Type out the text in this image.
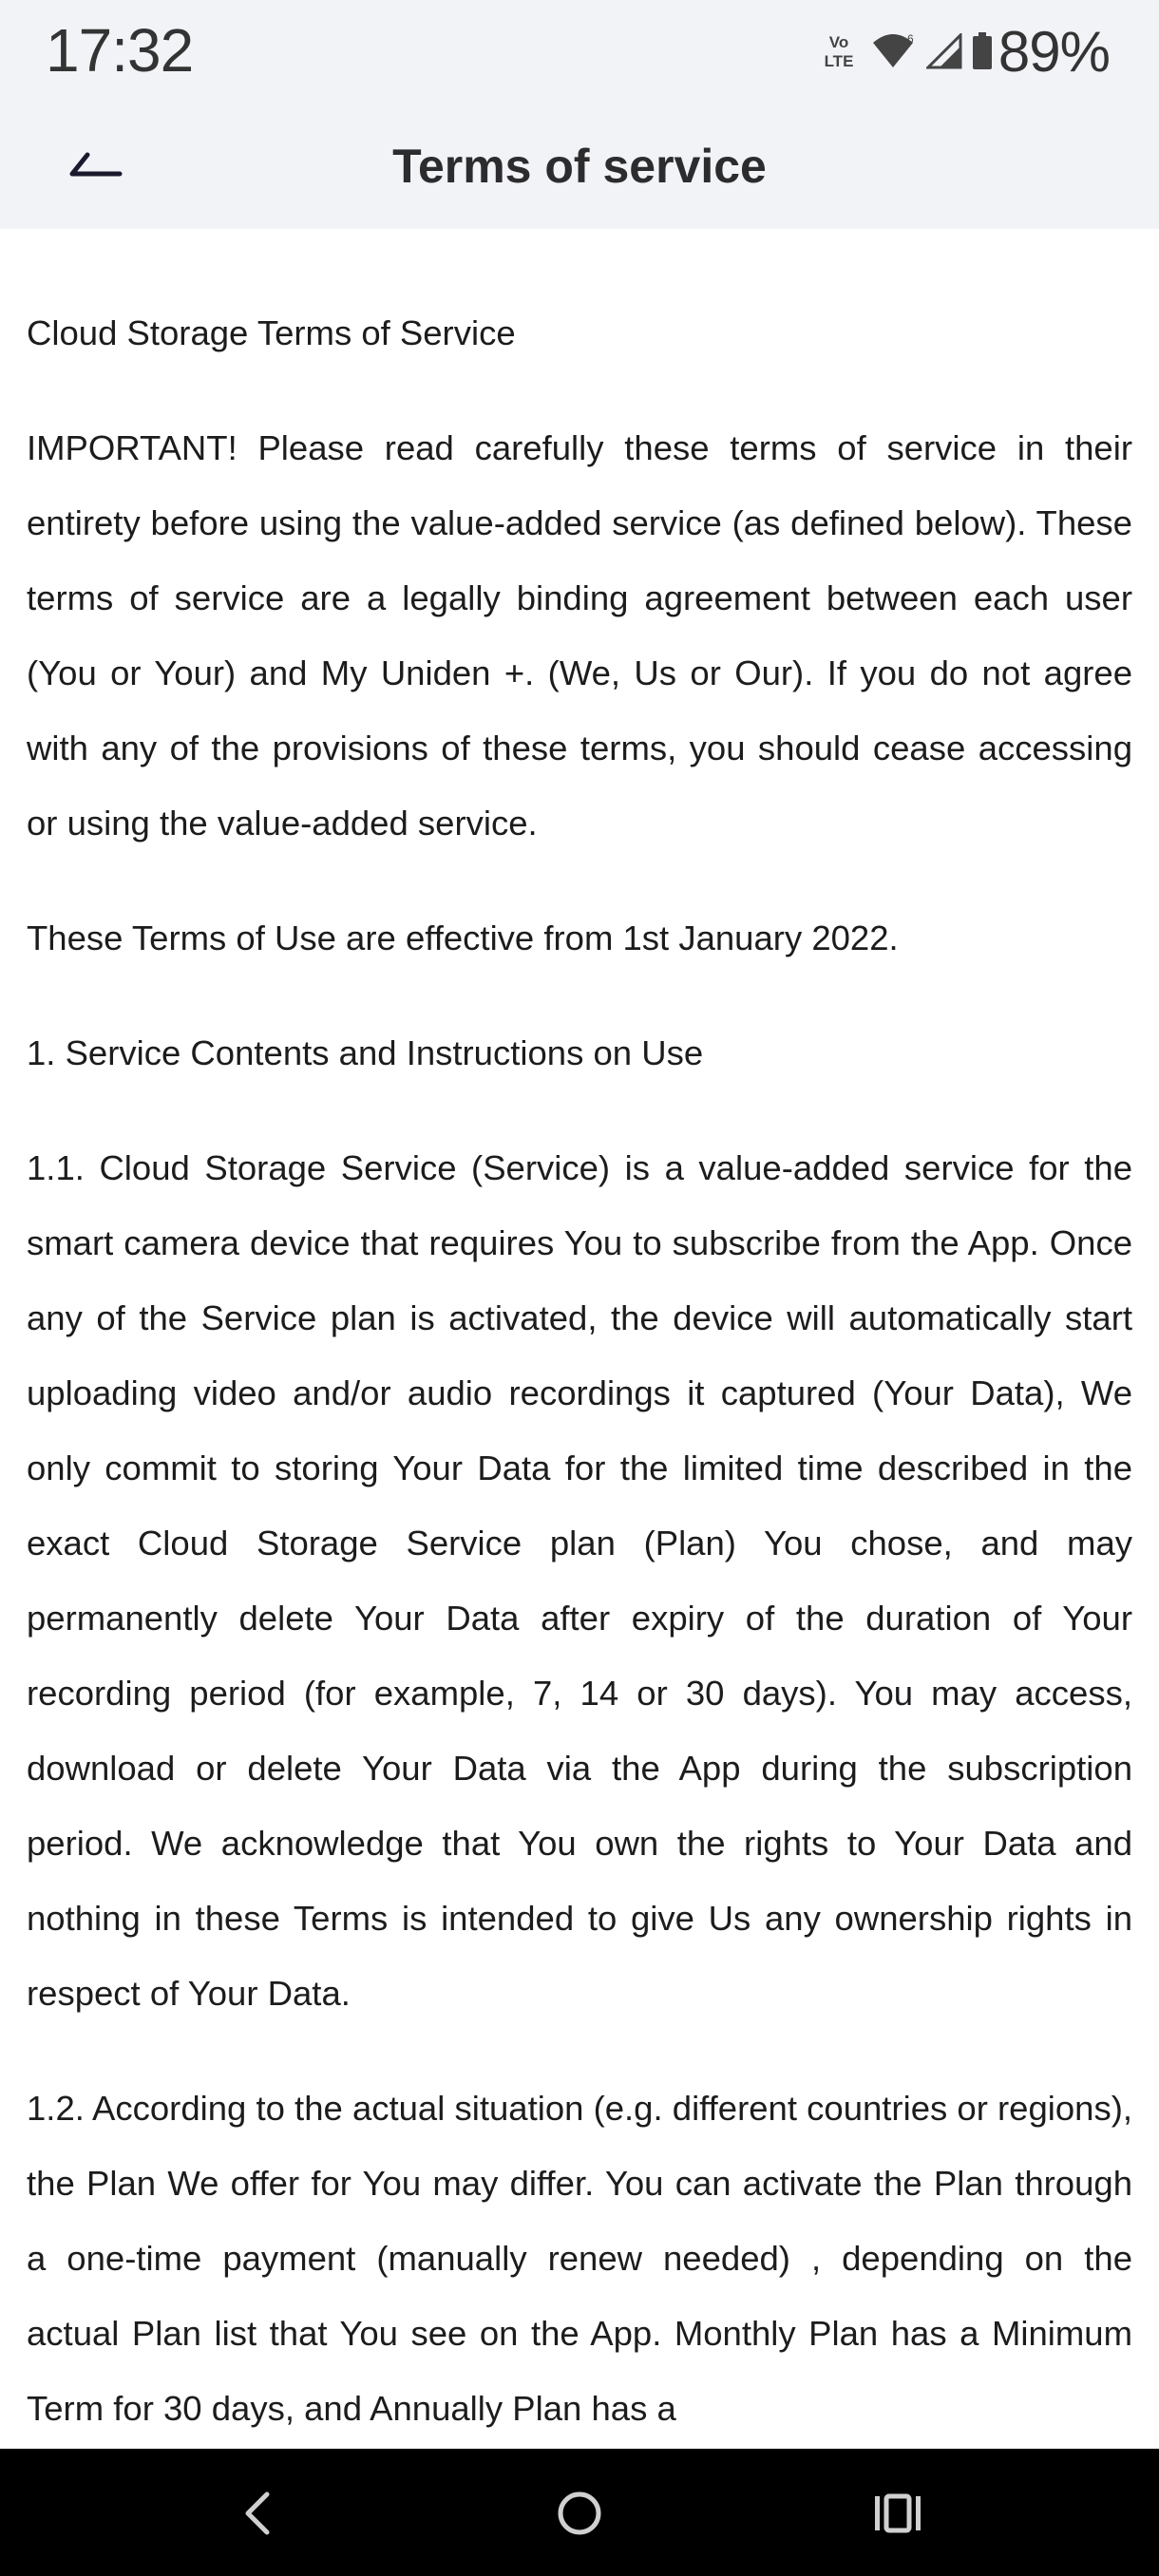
17:32	Vo
LTE
6 89%
Terms of service

Cloud Storage Terms of Service

IMPORTANT! Please read carefully these terms of service in their entirety before using the value-added service (as defined below). These terms of service are a legally binding agreement between each user (You or Your) and My Uniden +. (We, Us or Our). If you do not agree with any of the provisions of these terms, you should cease accessing or using the value-added service.

These Terms of Use are effective from 1st January 2022.

1. Service Contents and Instructions on Use

1.1. Cloud Storage Service (Service) is a value-added service for the smart camera device that requires You to subscribe from the App. Once any of the Service plan is activated, the device will automatically start uploading video and/or audio recordings it captured (Your Data), We only commit to storing Your Data for the limited time described in the exact Cloud Storage Service plan (Plan) You chose, and may permanently delete Your Data after expiry of the duration of Your recording period (for example, 7, 14 or 30 days). You may access, download or delete Your Data via the App during the subscription period. We acknowledge that You own the rights to Your Data and nothing in these Terms is intended to give Us any ownership rights in respect of Your Data.

1.2. According to the actual situation (e.g. different countries or regions), the Plan We offer for You may differ. You can activate the Plan through a one-time payment (manually renew needed) , depending on the actual Plan list that You see on the App. Monthly Plan has a Minimum Term for 30 days, and Annually Plan has a
